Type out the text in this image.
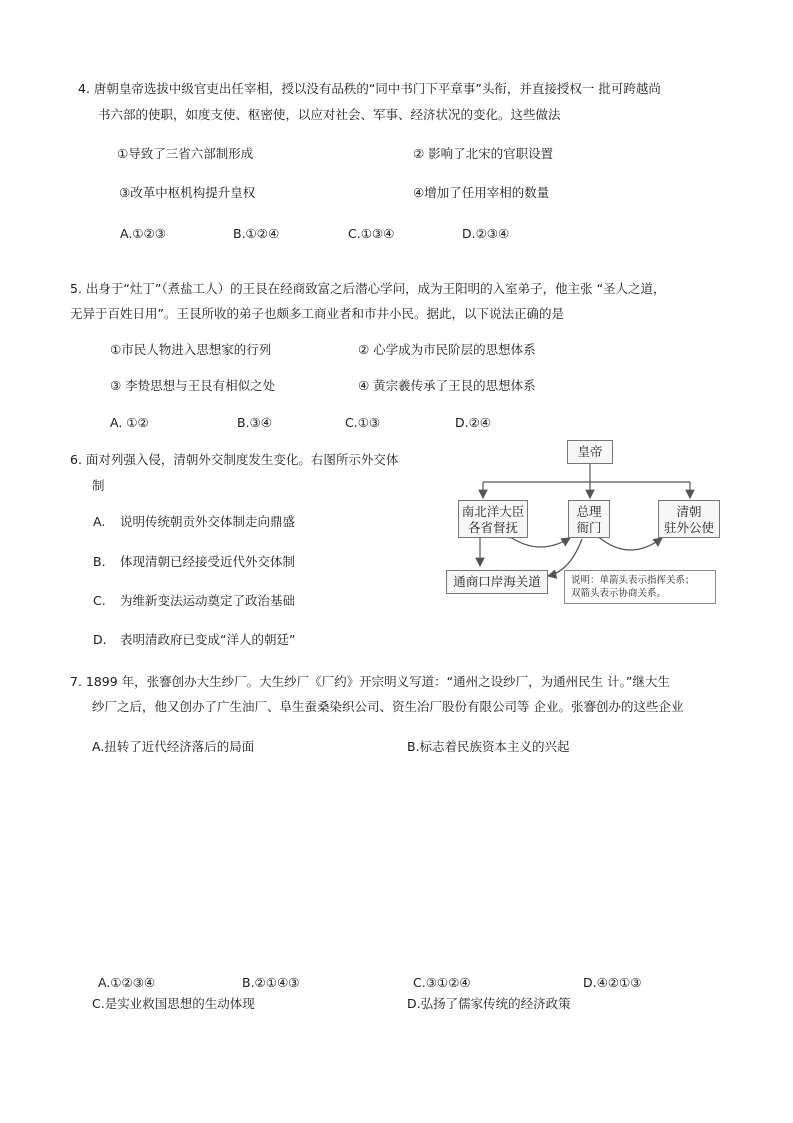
4. 唐朝皇帝选拔中级官吏出任宰相，授以没有品秩的“同中书门下平章事”头衔，并直接授权一 批可跨越尚
书六部的使职，如度支使、枢密使，以应对社会、军事、经济状况的变化。这些做法
①导致了三省六部制形成	② 影响了北宋的官职设置
③改革中枢机构提升皇权	④增加了任用宰相的数量
A.①②③	B.①②④	C.①③④	D.②③④
5. 出身于“灶丁”（煮盐工人）的王艮在经商致富之后潜心学问，成为王阳明的入室弟子，他主张 “圣人之道，
无异于百姓日用”。王艮所收的弟子也颇多工商业者和市井小民。据此，以下说法正确的是
①市民人物进入思想家的行列	② 心学成为市民阶层的思想体系
③ 李贽思想与王艮有相似之处	④ 黄宗羲传承了王艮的思想体系
A. ①②	B.③④	C.①③	D.②④
6. 面对列强入侵，清朝外交制度发生变化。右图所示外交体
制
A. 说明传统朝贡外交体制走向鼎盛
B. 体现清朝已经接受近代外交体制
C. 为维新变法运动奠定了政治基础
D. 表明清政府已变成“洋人的朝廷”
皇帝
南北洋大臣
各省督抚
总理
衙门
清朝
驻外公使
通商口岸海关道	说明：单箭头表示指挥关系；
双箭头表示协商关系。
7. 1899 年，张謇创办大生纱厂。大生纱厂《厂约》开宗明义写道：“通州之设纱厂，为通州民生 计。”继大生
纱厂之后，他又创办了广生油厂、阜生蚕桑染织公司、资生冶厂股份有限公司等 企业。张謇创办的这些企业
A.扭转了近代经济落后的局面	B.标志着民族资本主义的兴起
A.①②③④	B.②①④③	C.③①②④	D.④②①③
C.是实业救国思想的生动体现	D.弘扬了儒家传统的经济政策
